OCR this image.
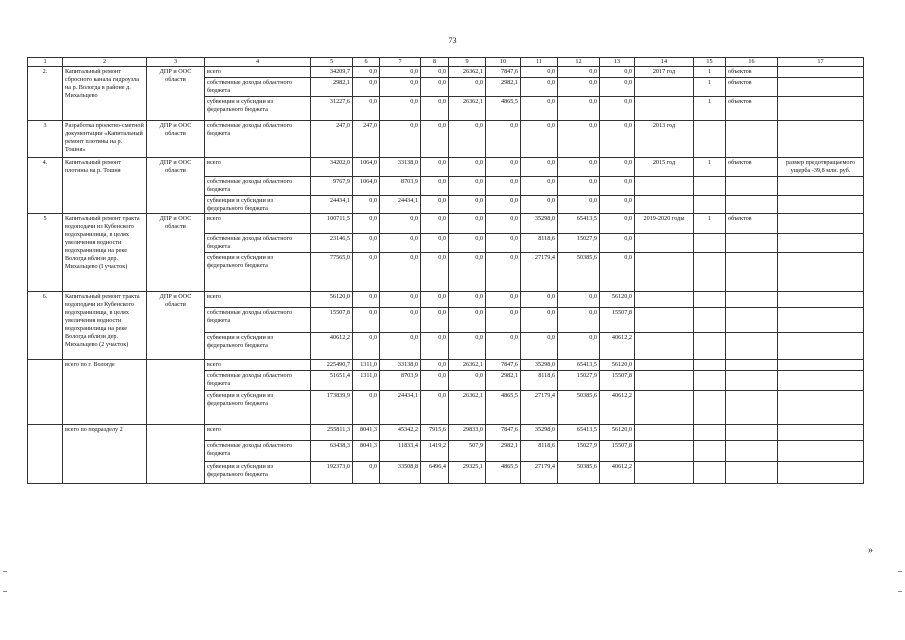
73
1	2	3	4	5	6	7	8	9	10	11	12	13	14	15	16	17
2.	Капитальный ремонт сбросного канала гидроузла на р. Вологда в районе д. Михальцево	ДПР и ООС области	всего	34209,7	0,0	0,0	0,0	26362,1	7847,6	0,0	0,0	0,0	2017 год	1	объектов	
			собственные доходы областного бюджета	2982,1	0,0	0,0	0,0	0,0	2982,1	0,0	0,0	0,0		1	объектов	
			субвенции и субсидии из федерального бюджета	31227,6	0,0	0,0	0,0	26362,1	4865,5	0,0	0,0	0,0		1	объектов	
3	Разработка проектно-сметной документации «Капитальный ремонт плотины на р. Тошня»	ДПР и ООС области	собственные доходы областного бюджета	247,0	247,0	0,0	0,0	0,0	0,0	0,0	0,0	0,0	2013 год			
4.	Капитальный ремонт плотины на р. Тошня	ДПР и ООС области	всего	34202,0	1064,0	33138,0	0,0	0,0	0,0	0,0	0,0	0,0	2015 год	1	объектов	размер предотвращаемого ущерба -39,8 млн. руб.
			собственные доходы областного бюджета	9767,9	1064,0	8703,9	0,0	0,0	0,0	0,0	0,0	0,0				
			субвенции и субсидии из федерального бюджета	24434,1	0,0	24434,1	0,0	0,0	0,0	0,0	0,0	0,0				
5	Капитальный ремонт тракта водоподачи из Кубенского водохранилища, в целях увеличения водности водохранилища на реке Вологда вблизи дер. Михальцево (I участок)	ДПР и ООС области	всего	100711,5	0,0	0,0	0,0	0,0	0,0	35298,0	65413,5	0,0	2019-2020 годы	1	объектов	
			собственные доходы областного бюджета	23146,5	0,0	0,0	0,0	0,0	0,0	8118,6	15027,9	0,0				
			субвенции и субсидии из федерального бюджета	77565,0	0,0	0,0	0,0	0,0	0,0	27179,4	50385,6	0,0				
6.	Капитальный ремонт тракта водоподачи из Кубенского водохранилища, в целях увеличения водности водохранилища на реке Вологда вблизи дер. Михальцево (2 участок)	ДПР и ООС области	всего	56120,0	0,0	0,0	0,0	0,0	0,0	0,0	0,0	56120,0				
			собственные доходы областного бюджета	15507,8	0,0	0,0	0,0	0,0	0,0	0,0	0,0	15507,8				
			субвенции и субсидии из федерального бюджета	40612,2	0,0	0,0	0,0	0,0	0,0	0,0	0,0	40612,2				
	всего по г. Вологде		всего	225490,7	1311,0	33138,0	0,0	26362,1	7847,6	35298,0	65413,5	56120,0				
			собственные доходы областного бюджета	51651,4	1311,0	8703,9	0,0	0,0	2982,1	8118,6	15027,9	15507,8				
			субвенции и субсидии из федерального бюджета	173839,9	0,0	24434,1	0,0	26362,1	4865,5	27179,4	50385,6	40612,2				
	всего по подразделу 2		всего	255811,3	8041,3	45342,2	7915,6	29833,0	7847,6	35298,0	65413,5	56120,0				
			собственные доходы областного бюджета	63438,3	8041,3	11833,4	1419,2	507,9	2982,1	8118,6	15027,9	15507,8				
			субвенции и субсидии из федерального бюджета	192373,0	0,0	33508,8	6496,4	29325,1	4865,5	27179,4	50385,6	40612,2				
»
